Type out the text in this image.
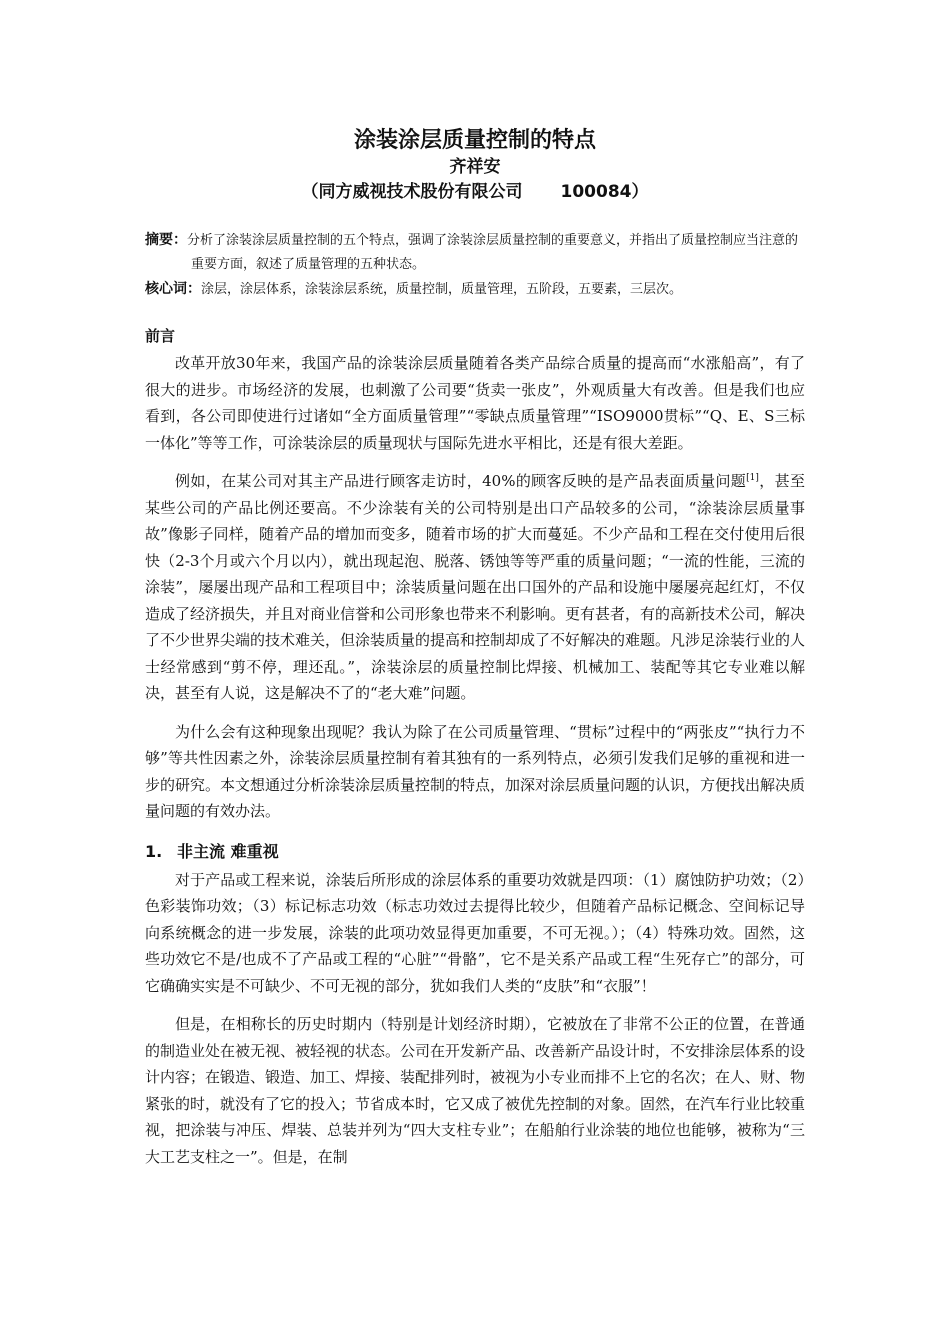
涂装涂层质量控制的特点
齐祥安
（同方威视技术股份有限公司 100084）
摘要：分析了涂装涂层质量控制的五个特点，强调了涂装涂层质量控制的重要意义，并指出了质量控制应当注意的重要方面，叙述了质量管理的五种状态。
核心词：涂层，涂层体系，涂装涂层系统，质量控制，质量管理，五阶段，五要素，三层次。
前言

改革开放30年来，我国产品的涂装涂层质量随着各类产品综合质量的提高而“水涨船高”，有了很大的进步。市场经济的发展，也刺激了公司要“货卖一张皮”，外观质量大有改善。但是我们也应看到，各公司即使进行过诸如“全方面质量管理”“零缺点质量管理”“ISO9000贯标”“Q、E、S三标一体化”等等工作，可涂装涂层的质量现状与国际先进水平相比，还是有很大差距。

例如，在某公司对其主产品进行顾客走访时，40%的顾客反映的是产品表面质量问题[1]，甚至某些公司的产品比例还要高。不少涂装有关的公司特别是出口产品较多的公司，“涂装涂层质量事故”像影子同样，随着产品的增加而变多，随着市场的扩大而蔓延。不少产品和工程在交付使用后很快（2-3个月或六个月以内），就出现起泡、脱落、锈蚀等等严重的质量问题；“一流的性能，三流的涂装”，屡屡出现产品和工程项目中；涂装质量问题在出口国外的产品和设施中屡屡亮起红灯，不仅造成了经济损失，并且对商业信誉和公司形象也带来不利影响。更有甚者，有的高新技术公司，解决了不少世界尖端的技术难关，但涂装质量的提高和控制却成了不好解决的难题。凡涉足涂装行业的人士经常感到“剪不停，理还乱。”，涂装涂层的质量控制比焊接、机械加工、装配等其它专业难以解决，甚至有人说，这是解决不了的“老大难”问题。

为什么会有这种现象出现呢？我认为除了在公司质量管理、“贯标”过程中的“两张皮”“执行力不够”等共性因素之外，涂装涂层质量控制有着其独有的一系列特点，必须引发我们足够的重视和进一步的研究。本文想通过分析涂装涂层质量控制的特点，加深对涂层质量问题的认识，方便找出解决质量问题的有效办法。

1. 非主流 难重视

对于产品或工程来说，涂装后所形成的涂层体系的重要功效就是四项：（1）腐蚀防护功效；（2）色彩装饰功效；（3）标记标志功效（标志功效过去提得比较少，但随着产品标记概念、空间标记导向系统概念的进一步发展，涂装的此项功效显得更加重要，不可无视。）；（4）特殊功效。固然，这些功效它不是/也成不了产品或工程的“心脏”“骨骼”，它不是关系产品或工程“生死存亡”的部分，可它确确实实是不可缺少、不可无视的部分，犹如我们人类的“皮肤”和“衣服”！

但是，在相称长的历史时期内（特别是计划经济时期），它被放在了非常不公正的位置，在普通的制造业处在被无视、被轻视的状态。公司在开发新产品、改善新产品设计时，不安排涂层体系的设计内容；在锻造、锻造、加工、焊接、装配排列时，被视为小专业而排不上它的名次；在人、财、物紧张的时，就没有了它的投入；节省成本时，它又成了被优先控制的对象。固然，在汽车行业比较重视，把涂装与冲压、焊装、总装并列为“四大支柱专业”；在船舶行业涂装的地位也能够，被称为“三大工艺支柱之一”。但是，在制
